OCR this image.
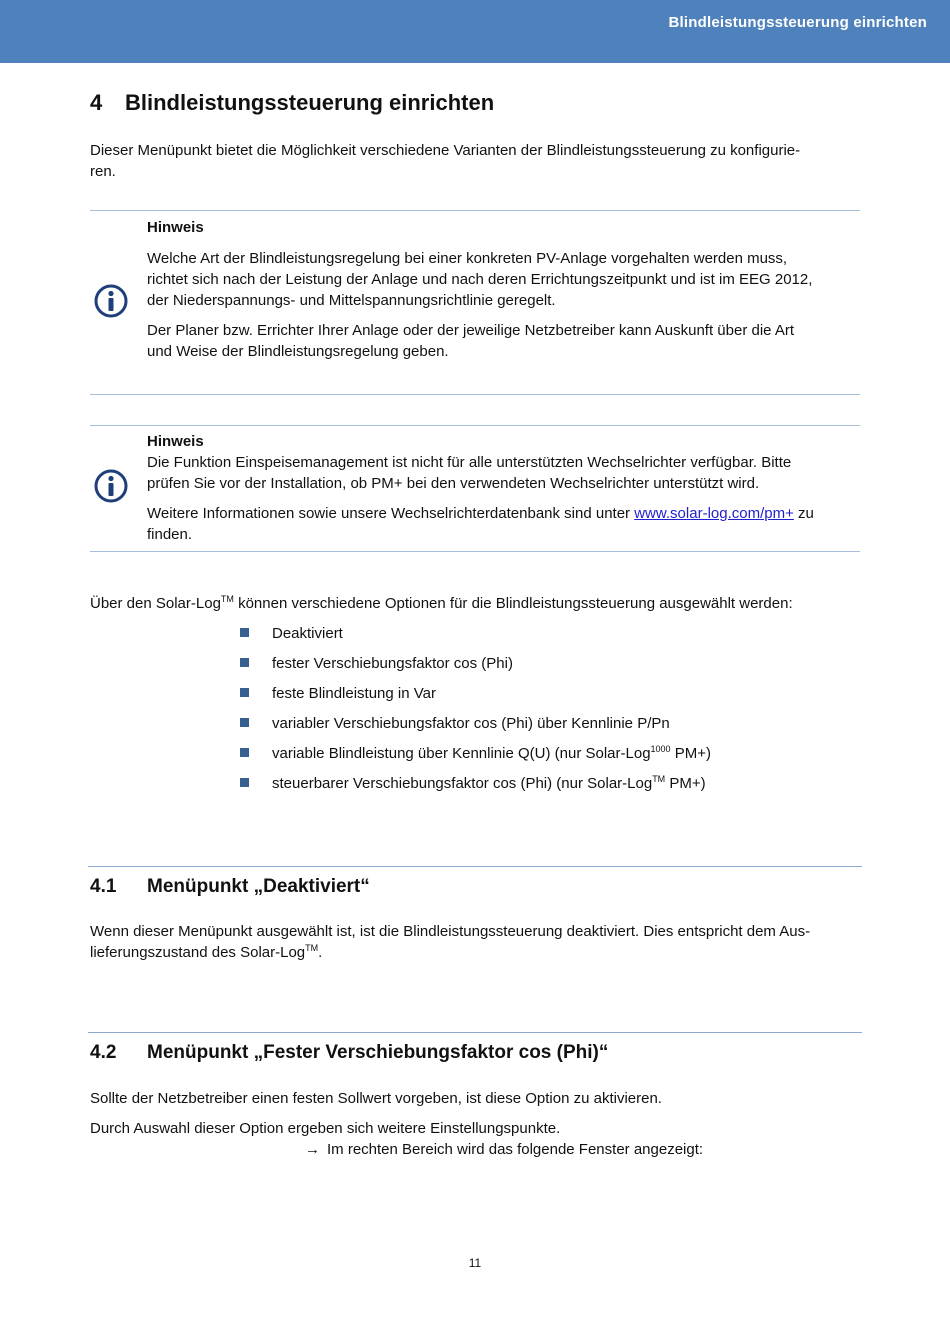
Blindleistungssteuerung einrichten
4 Blindleistungssteuerung einrichten

Dieser Menüpunkt bietet die Möglichkeit verschiedene Varianten der Blindleistungssteuerung zu konfigurie-

ren.

Hinweis

Welche Art der Blindleistungsregelung bei einer konkreten PV-Anlage vorgehalten werden muss,

richtet sich nach der Leistung der Anlage und nach deren Errichtungszeitpunkt und ist im EEG 2012,

der Niederspannungs- und Mittelspannungsrichtlinie geregelt.

Der Planer bzw. Errichter Ihrer Anlage oder der jeweilige Netzbetreiber kann Auskunft über die Art

und Weise der Blindleistungsregelung geben.

Hinweis

Die Funktion Einspeisemanagement ist nicht für alle unterstützten Wechselrichter verfügbar. Bitte

prüfen Sie vor der Installation, ob PM+ bei den verwendeten Wechselrichter unterstützt wird.

Weitere Informationen sowie unsere Wechselrichterdatenbank sind unter www.solar-log.com/pm+ zu

finden.

Über den Solar-Log™ können verschiedene Optionen für die Blindleistungssteuerung ausgewählt werden:

Deaktiviert
fester Verschiebungsfaktor cos (Phi)
feste Blindleistung in Var
variabler Verschiebungsfaktor cos (Phi) über Kennlinie P/Pn
variable Blindleistung über Kennlinie Q(U) (nur Solar-Log$^{1000}$ PM+)
steuerbarer Verschiebungsfaktor cos (Phi) (nur Solar-Log™ PM+)
4.1 Menüpunkt „Deaktiviert“

Wenn dieser Menüpunkt ausgewählt ist, ist die Blindleistungssteuerung deaktiviert. Dies entspricht dem Aus-

lieferungszustand des Solar-Log™.

4.2 Menüpunkt „Fester Verschiebungsfaktor cos (Phi)“

Sollte der Netzbetreiber einen festen Sollwert vorgeben, ist diese Option zu aktivieren.

Durch Auswahl dieser Option ergeben sich weitere Einstellungspunkte.

→ Im rechten Bereich wird das folgende Fenster angezeigt:

11
